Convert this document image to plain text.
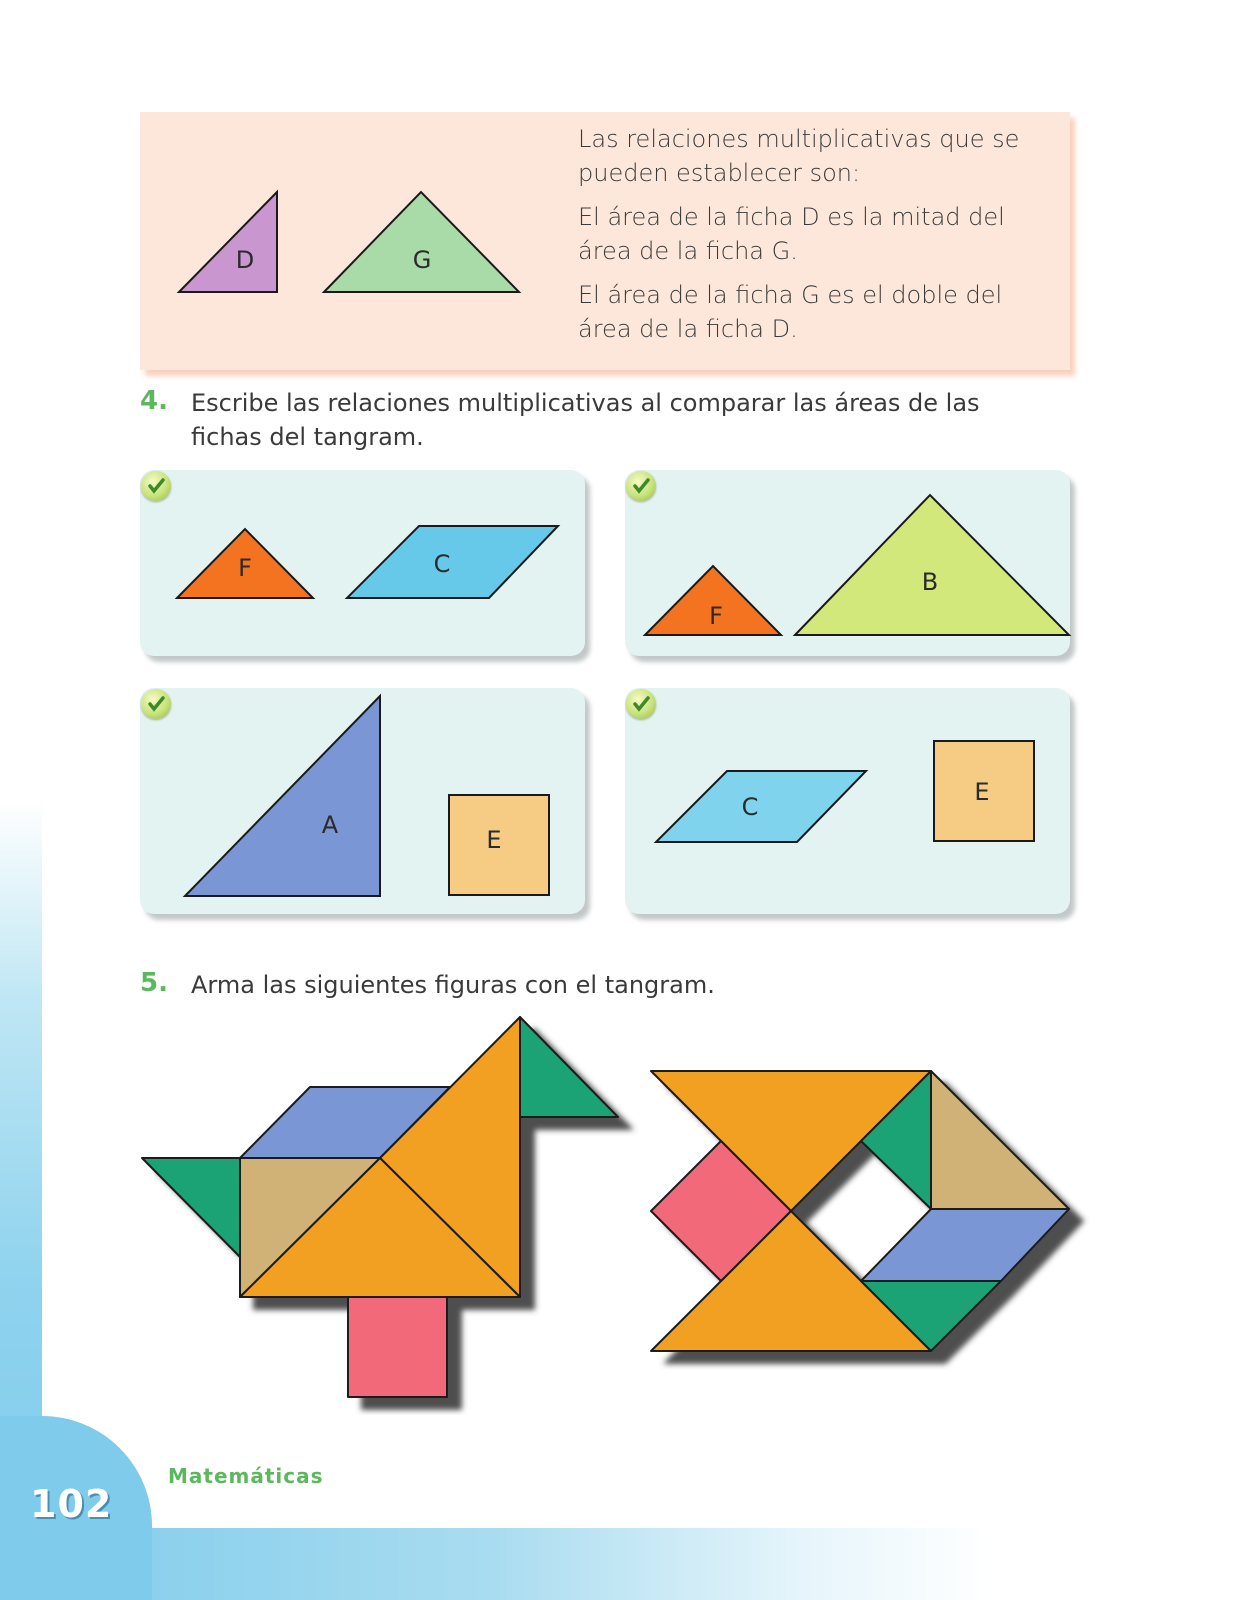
102
Matemáticas
D	G

Las relaciones multiplicativas que se pueden establecer son:

El área de la ficha D es la mitad del área de la ficha G.

El área de la ficha G es el doble del área de la ficha D.

4. Escribe las relaciones multiplicativas al comparar las áreas de las fichas del tangram.
F	C
F
B
A
E
C
E
5. Arma las siguientes figuras con el tangram.
